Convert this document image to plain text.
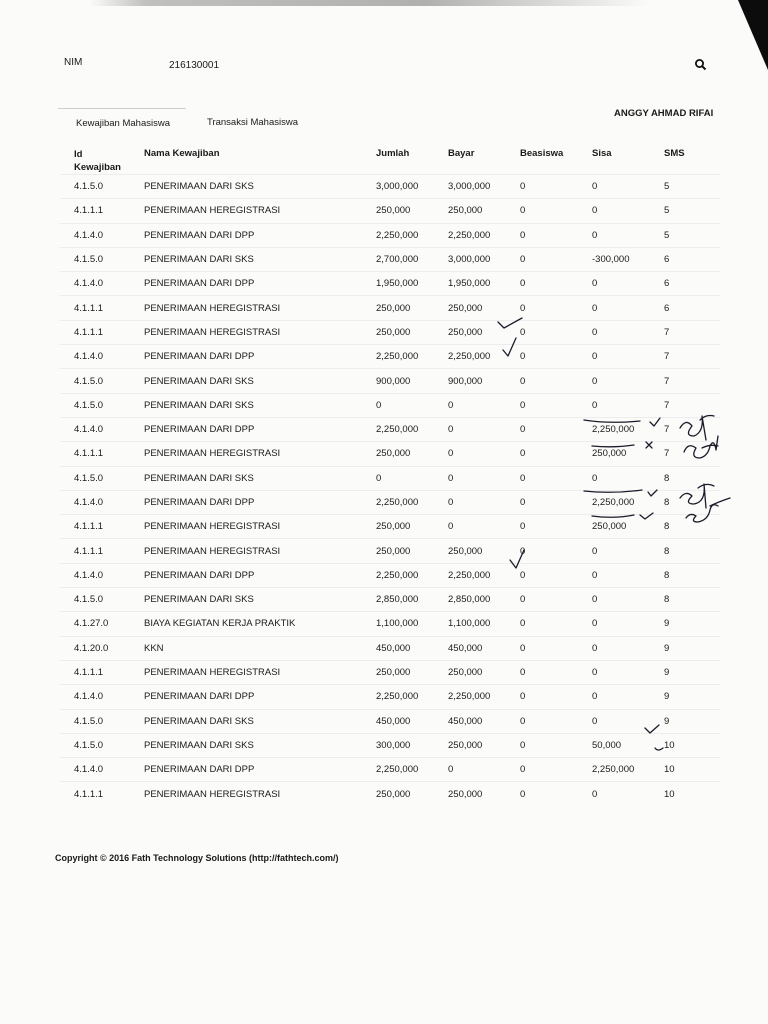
NIM	216130001
Kewajiban Mahasiswa	Transaksi Mahasiswa
ANGGY AHMAD RIFAI
Id Kewajiban	Nama Kewajiban	Jumlah	Bayar	Beasiswa	Sisa	SMS
4.1.5.0	PENERIMAAN DARI SKS	3,000,000	3,000,000	0	0	5
4.1.1.1	PENERIMAAN HEREGISTRASI	250,000	250,000	0	0	5
4.1.4.0	PENERIMAAN DARI DPP	2,250,000	2,250,000	0	0	5
4.1.5.0	PENERIMAAN DARI SKS	2,700,000	3,000,000	0	-300,000	6
4.1.4.0	PENERIMAAN DARI DPP	1,950,000	1,950,000	0	0	6
4.1.1.1	PENERIMAAN HEREGISTRASI	250,000	250,000	0	0	6
4.1.1.1	PENERIMAAN HEREGISTRASI	250,000	250,000	0	0	7
4.1.4.0	PENERIMAAN DARI DPP	2,250,000	2,250,000	0	0	7
4.1.5.0	PENERIMAAN DARI SKS	900,000	900,000	0	0	7
4.1.5.0	PENERIMAAN DARI SKS	0	0	0	0	7
4.1.4.0	PENERIMAAN DARI DPP	2,250,000	0	0	2,250,000	7
4.1.1.1	PENERIMAAN HEREGISTRASI	250,000	0	0	250,000	7
4.1.5.0	PENERIMAAN DARI SKS	0	0	0	0	8
4.1.4.0	PENERIMAAN DARI DPP	2,250,000	0	0	2,250,000	8
4.1.1.1	PENERIMAAN HEREGISTRASI	250,000	0	0	250,000	8
4.1.1.1	PENERIMAAN HEREGISTRASI	250,000	250,000	0	0	8
4.1.4.0	PENERIMAAN DARI DPP	2,250,000	2,250,000	0	0	8
4.1.5.0	PENERIMAAN DARI SKS	2,850,000	2,850,000	0	0	8
4.1.27.0	BIAYA KEGIATAN KERJA PRAKTIK	1,100,000	1,100,000	0	0	9
4.1.20.0	KKN	450,000	450,000	0	0	9
4.1.1.1	PENERIMAAN HEREGISTRASI	250,000	250,000	0	0	9
4.1.4.0	PENERIMAAN DARI DPP	2,250,000	2,250,000	0	0	9
4.1.5.0	PENERIMAAN DARI SKS	450,000	450,000	0	0	9
4.1.5.0	PENERIMAAN DARI SKS	300,000	250,000	0	50,000	10
4.1.4.0	PENERIMAAN DARI DPP	2,250,000	0	0	2,250,000	10
4.1.1.1	PENERIMAAN HEREGISTRASI	250,000	250,000	0	0	10
Copyright © 2016 Fath Technology Solutions (http://fathtech.com/)
